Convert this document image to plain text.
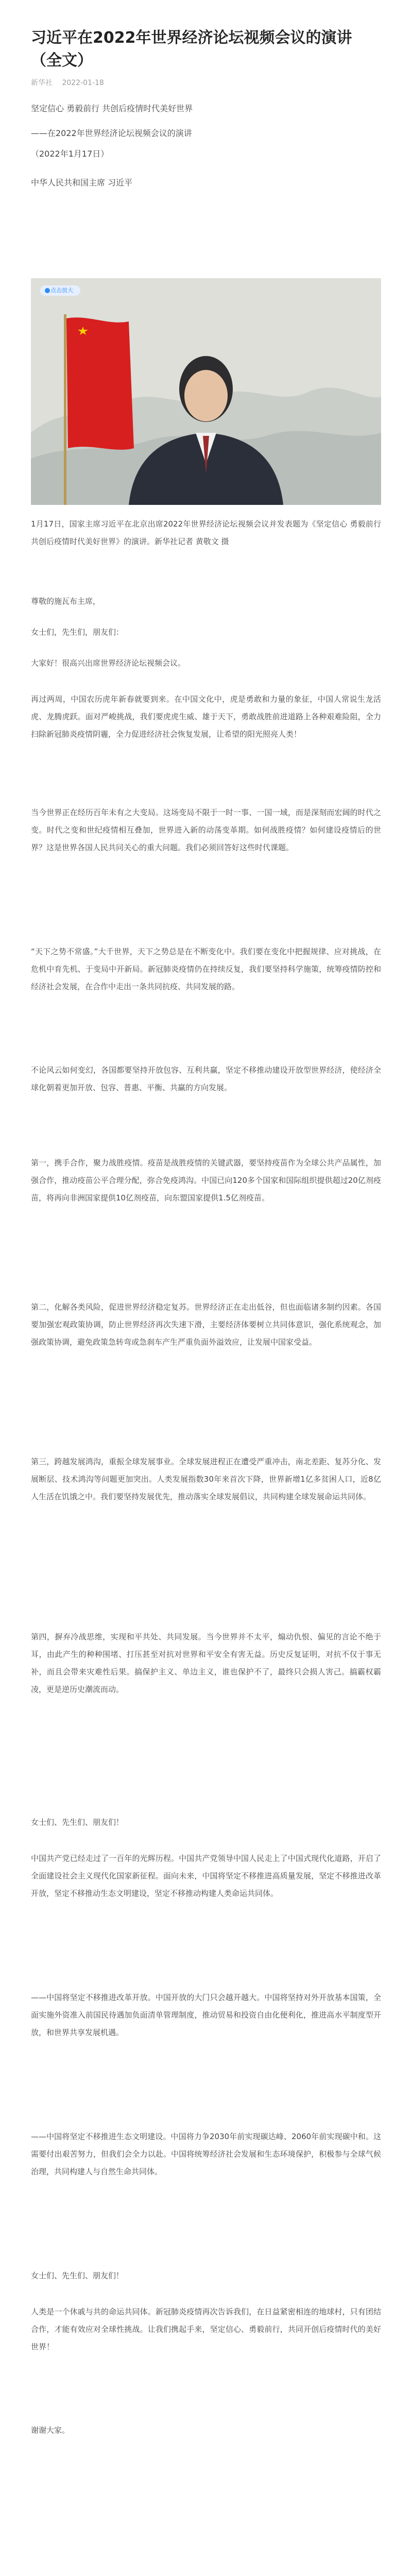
习近平在2022年世界经济论坛视频会议的演讲（全文）
新华社 2022-01-18
坚定信心 勇毅前行 共创后疫情时代美好世界
——在2022年世界经济论坛视频会议的演讲
（2022年1月17日）
中华人民共和国主席 习近平
点击放大

1月17日，国家主席习近平在北京出席2022年世界经济论坛视频会议并发表题为《坚定信心 勇毅前行 共创后疫情时代美好世界》的演讲。新华社记者 黄敬文 摄

尊敬的施瓦布主席，

女士们，先生们，朋友们：

大家好！很高兴出席世界经济论坛视频会议。

再过两周，中国农历虎年新春就要到来。在中国文化中，虎是勇敢和力量的象征，中国人常说生龙活虎、龙腾虎跃。面对严峻挑战，我们要虎虎生威、雄于天下，勇敢战胜前进道路上各种艰难险阻，全力扫除新冠肺炎疫情阴霾，全力促进经济社会恢复发展，让希望的阳光照亮人类！

当今世界正在经历百年未有之大变局。这场变局不限于一时一事、一国一域，而是深刻而宏阔的时代之变。时代之变和世纪疫情相互叠加，世界进入新的动荡变革期。如何战胜疫情？如何建设疫情后的世界？这是世界各国人民共同关心的重大问题。我们必须回答好这些时代课题。

“天下之势不常盛。”大千世界，天下之势总是在不断变化中。我们要在变化中把握规律、应对挑战，在危机中育先机、于变局中开新局。新冠肺炎疫情仍在持续反复，我们要坚持科学施策，统筹疫情防控和经济社会发展，在合作中走出一条共同抗疫、共同发展的路。

不论风云如何变幻，各国都要坚持开放包容、互利共赢，坚定不移推动建设开放型世界经济，使经济全球化朝着更加开放、包容、普惠、平衡、共赢的方向发展。

第一，携手合作，聚力战胜疫情。疫苗是战胜疫情的关键武器，要坚持疫苗作为全球公共产品属性，加强合作，推动疫苗公平合理分配，弥合免疫鸿沟。中国已向120多个国家和国际组织提供超过20亿剂疫苗，将再向非洲国家提供10亿剂疫苗，向东盟国家提供1.5亿剂疫苗。

第二，化解各类风险，促进世界经济稳定复苏。世界经济正在走出低谷，但也面临诸多制约因素。各国要加强宏观政策协调，防止世界经济再次失速下滑，主要经济体要树立共同体意识，强化系统观念，加强政策协调，避免政策急转弯或急刹车产生严重负面外溢效应，让发展中国家受益。

第三，跨越发展鸿沟，重振全球发展事业。全球发展进程正在遭受严重冲击，南北差距、复苏分化、发展断层、技术鸿沟等问题更加突出。人类发展指数30年来首次下降，世界新增1亿多贫困人口，近8亿人生活在饥饿之中。我们要坚持发展优先，推动落实全球发展倡议，共同构建全球发展命运共同体。

第四，摒弃冷战思维，实现和平共处、共同发展。当今世界并不太平，煽动仇恨、偏见的言论不绝于耳，由此产生的种种围堵、打压甚至对抗对世界和平安全有害无益。历史反复证明，对抗不仅于事无补，而且会带来灾难性后果。搞保护主义、单边主义，谁也保护不了，最终只会损人害己。搞霸权霸凌，更是逆历史潮流而动。

女士们、先生们、朋友们！

中国共产党已经走过了一百年的光辉历程。中国共产党领导中国人民走上了中国式现代化道路，开启了全面建设社会主义现代化国家新征程。面向未来，中国将坚定不移推进高质量发展，坚定不移推进改革开放，坚定不移推动生态文明建设，坚定不移推动构建人类命运共同体。

——中国将坚定不移推进改革开放。中国开放的大门只会越开越大。中国将坚持对外开放基本国策，全面实施外资准入前国民待遇加负面清单管理制度，推动贸易和投资自由化便利化，推进高水平制度型开放，和世界共享发展机遇。

——中国将坚定不移推进生态文明建设。中国将力争2030年前实现碳达峰、2060年前实现碳中和。这需要付出艰苦努力，但我们会全力以赴。中国将统筹经济社会发展和生态环境保护，积极参与全球气候治理，共同构建人与自然生命共同体。

女士们、先生们、朋友们！

人类是一个休戚与共的命运共同体。新冠肺炎疫情再次告诉我们，在日益紧密相连的地球村，只有团结合作，才能有效应对全球性挑战。让我们携起手来，坚定信心、勇毅前行，共同开创后疫情时代的美好世界！

谢谢大家。
